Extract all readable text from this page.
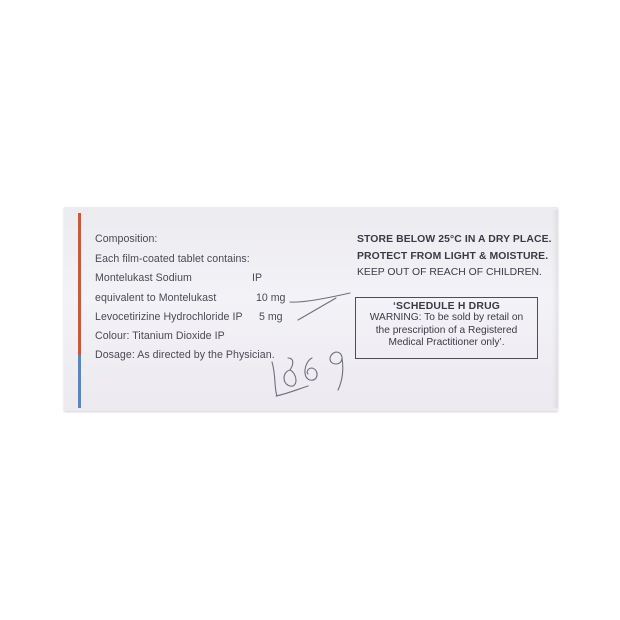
Composition:
Each film-coated tablet contains:
Montelukast Sodium	IP
equivalent to Montelukast	10 mg
Levocetirizine Hydrochloride IP 5 mg
Colour: Titanium Dioxide IP
Dosage: As directed by the Physician.
STORE BELOW 25°C IN A DRY PLACE.
PROTECT FROM LIGHT & MOISTURE.
KEEP OUT OF REACH OF CHILDREN.
‘SCHEDULE H DRUG
WARNING: To be sold by retail on
the prescription of a Registered
Medical Practitioner only’.
